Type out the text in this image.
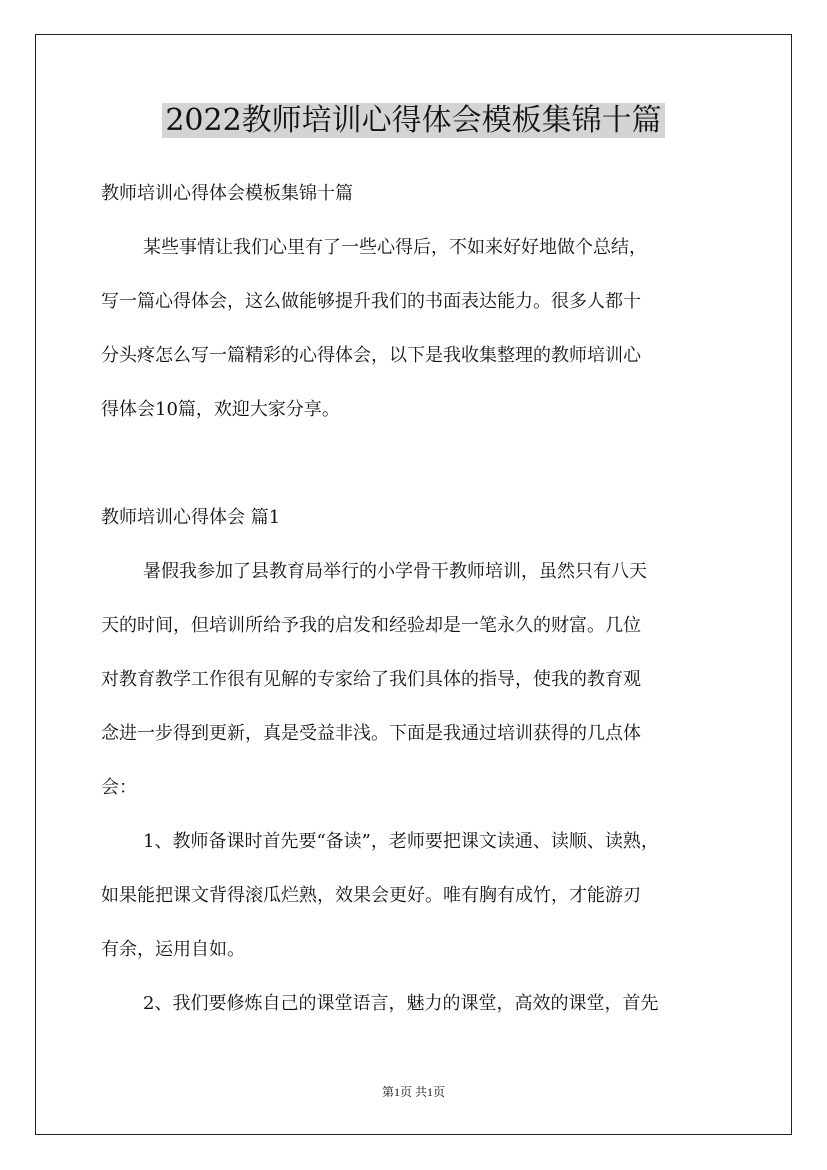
2022教师培训心得体会模板集锦十篇
教师培训心得体会模板集锦十篇
某些事情让我们心里有了一些心得后，不如来好好地做个总结，
写一篇心得体会，这么做能够提升我们的书面表达能力。很多人都十
分头疼怎么写一篇精彩的心得体会，以下是我收集整理的教师培训心
得体会10篇，欢迎大家分享。
教师培训心得体会 篇1
暑假我参加了县教育局举行的小学骨干教师培训，虽然只有八天
天的时间，但培训所给予我的启发和经验却是一笔永久的财富。几位
对教育教学工作很有见解的专家给了我们具体的指导，使我的教育观
念进一步得到更新，真是受益非浅。下面是我通过培训获得的几点体
会：
1、教师备课时首先要“备读”，老师要把课文读通、读顺、读熟，
如果能把课文背得滚瓜烂熟，效果会更好。唯有胸有成竹，才能游刃
有余，运用自如。
2、我们要修炼自己的课堂语言，魅力的课堂，高效的课堂，首先
第1页 共1页
